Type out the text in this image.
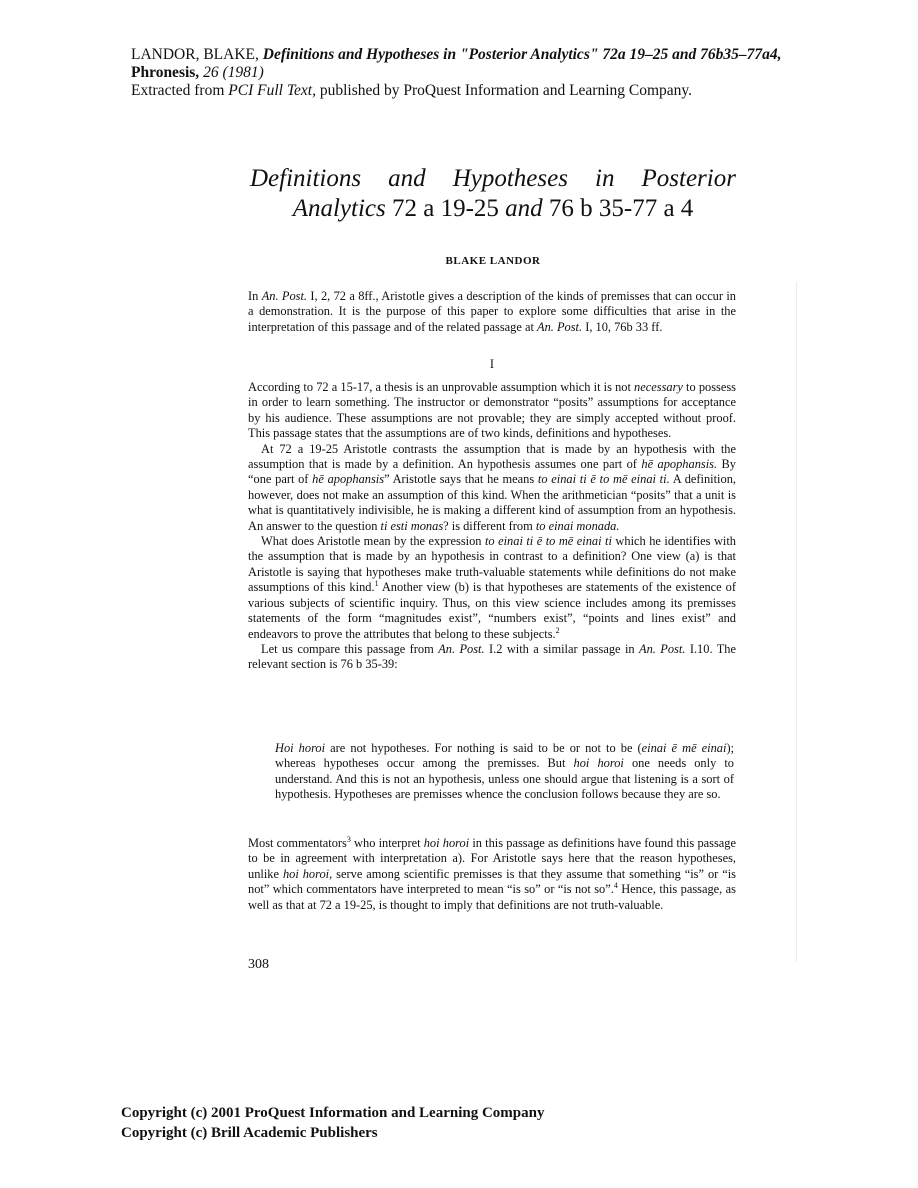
LANDOR, BLAKE, Definitions and Hypotheses in "Posterior Analytics" 72a 19–25 and 76b35–77a4,
Phronesis, 26 (1981)
Extracted from PCI Full Text, published by ProQuest Information and Learning Company.
Definitions and Hypotheses in Posterior
Analytics 72 a 19-25 and 76 b 35-77 a 4
BLAKE LANDOR

In An. Post. I, 2, 72 a 8ff., Aristotle gives a description of the kinds of premisses that can occur in a demonstration. It is the purpose of this paper to explore some difficulties that arise in the interpretation of this passage and of the related passage at An. Post. I, 10, 76b 33 ff.

I

According to 72 a 15-17, a thesis is an unprovable assumption which it is not necessary to possess in order to learn something. The instructor or demonstrator “posits” assumptions for acceptance by his audience. These assumptions are not provable; they are simply accepted without proof. This passage states that the assumptions are of two kinds, definitions and hypotheses.

At 72 a 19-25 Aristotle contrasts the assumption that is made by an hypothesis with the assumption that is made by a definition. An hypothesis assumes one part of hē apophansis. By “one part of hē apophansis” Aristotle says that he means to einai ti ē to mē einai ti. A definition, however, does not make an assumption of this kind. When the arithmetician “posits” that a unit is what is quantitatively indivisible, he is making a different kind of assumption from an hypothesis. An answer to the question ti esti monas? is different from to einai monada.

What does Aristotle mean by the expression to einai ti ē to mē einai ti which he identifies with the assumption that is made by an hypothesis in contrast to a definition? One view (a) is that Aristotle is saying that hypotheses make truth-valuable statements while definitions do not make assumptions of this kind.$^1$ Another view (b) is that hypotheses are statements of the existence of various subjects of scientific inquiry. Thus, on this view science includes among its premisses statements of the form “magnitudes exist”, “numbers exist”, “points and lines exist” and endeavors to prove the attributes that belong to these subjects.$^2$

Let us compare this passage from An. Post. I.2 with a similar passage in An. Post. I.10. The relevant section is 76 b 35-39:

Hoi horoi are not hypotheses. For nothing is said to be or not to be (einai ē mē einai); whereas hypotheses occur among the premisses. But hoi horoi one needs only to understand. And this is not an hypothesis, unless one should argue that listening is a sort of hypothesis. Hypotheses are premisses whence the conclusion follows because they are so.

Most commentators$^3$ who interpret hoi horoi in this passage as definitions have found this passage to be in agreement with interpretation a). For Aristotle says here that the reason hypotheses, unlike hoi horoi, serve among scientific premisses is that they assume that something “is” or “is not” which commentators have interpreted to mean “is so” or “is not so”.$^4$ Hence, this passage, as well as that at 72 a 19-25, is thought to imply that definitions are not truth-valuable.

308
Copyright (c) 2001 ProQuest Information and Learning Company
Copyright (c) Brill Academic Publishers
